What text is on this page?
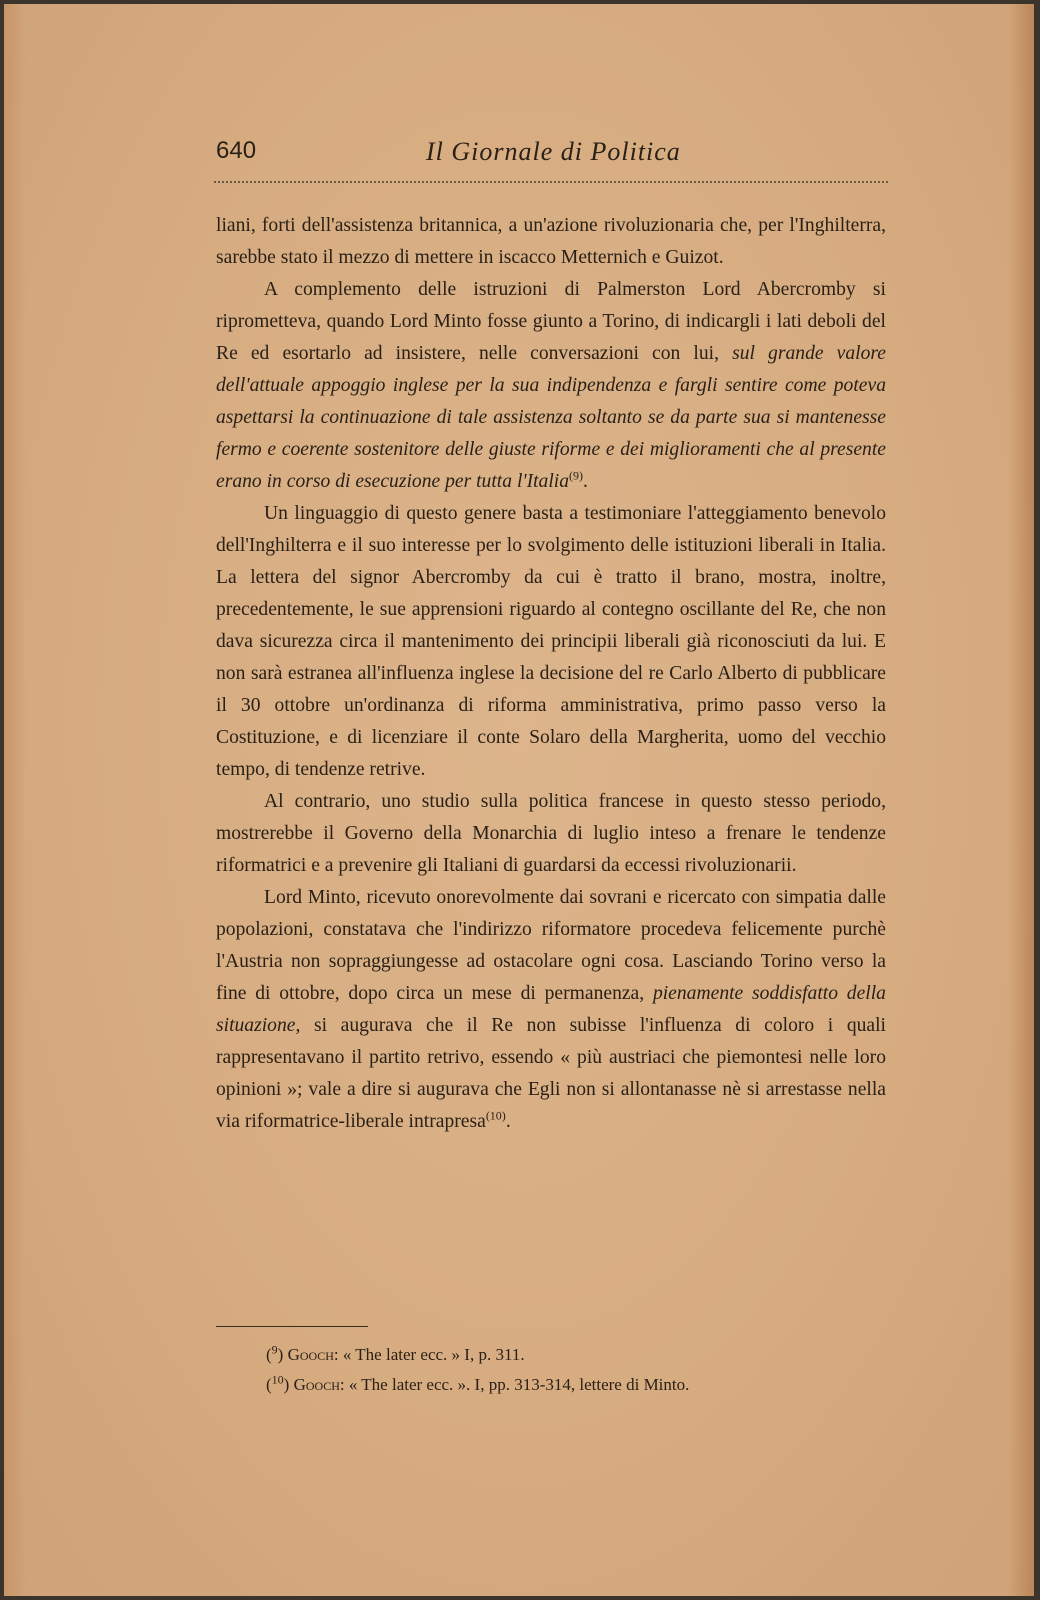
640	Il Giornale di Politica

liani, forti dell'assistenza britannica, a un'azione rivoluzionaria che, per l'Inghilterra, sarebbe stato il mezzo di mettere in iscacco Metternich e Guizot.

A complemento delle istruzioni di Palmerston Lord Abercromby si riprometteva, quando Lord Minto fosse giunto a Torino, di indicargli i lati deboli del Re ed esortarlo ad insistere, nelle conversazioni con lui, sul grande valore dell'attuale appoggio inglese per la sua indipendenza e fargli sentire come poteva aspettarsi la continuazione di tale assistenza soltanto se da parte sua si mantenesse fermo e coerente sostenitore delle giuste riforme e dei miglioramenti che al presente erano in corso di esecuzione per tutta l'Italia$^{(9)}$.

Un linguaggio di questo genere basta a testimoniare l'atteggiamento benevolo dell'Inghilterra e il suo interesse per lo svolgimento delle istituzioni liberali in Italia. La lettera del signor Abercromby da cui è tratto il brano, mostra, inoltre, precedentemente, le sue apprensioni riguardo al contegno oscillante del Re, che non dava sicurezza circa il mantenimento dei principii liberali già riconosciuti da lui. E non sarà estranea all'influenza inglese la decisione del re Carlo Alberto di pubblicare il 30 ottobre un'ordinanza di riforma amministrativa, primo passo verso la Costituzione, e di licenziare il conte Solaro della Margherita, uomo del vecchio tempo, di tendenze retrive.

Al contrario, uno studio sulla politica francese in questo stesso periodo, mostrerebbe il Governo della Monarchia di luglio inteso a frenare le tendenze riformatrici e a prevenire gli Italiani di guardarsi da eccessi rivoluzionarii.

Lord Minto, ricevuto onorevolmente dai sovrani e ricercato con simpatia dalle popolazioni, constatava che l'indirizzo riformatore procedeva felicemente purchè l'Austria non sopraggiungesse ad ostacolare ogni cosa. Lasciando Torino verso la fine di ottobre, dopo circa un mese di permanenza, pienamente soddisfatto della situazione, si augurava che il Re non subisse l'influenza di coloro i quali rappresentavano il partito retrivo, essendo « più austriaci che piemontesi nelle loro opinioni »; vale a dire si augurava che Egli non si allontanasse nè si arrestasse nella via riformatrice-liberale intrapresa$^{(10)}$.

($^9$) Gooch: « The later ecc. » I, p. 311.

($^{10}$) Gooch: « The later ecc. ». I, pp. 313-314, lettere di Minto.
